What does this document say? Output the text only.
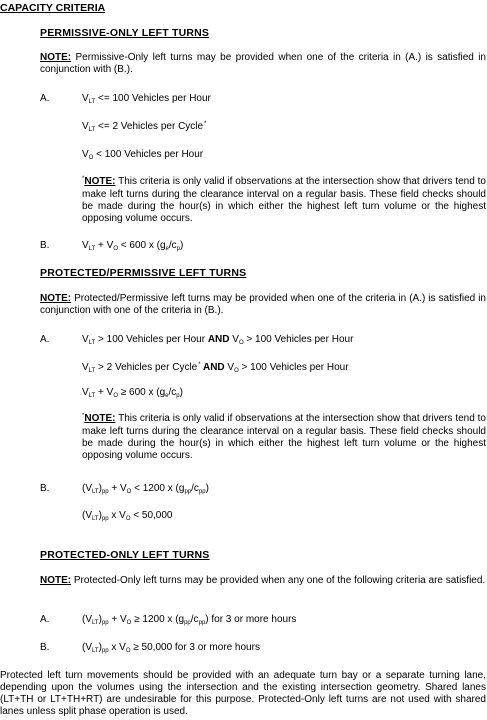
CAPACITY CRITERIA
PERMISSIVE-ONLY LEFT TURNS
NOTE: Permissive-Only left turns may be provided when one of the criteria in (A.) is satisfied in conjunction with (B.).
A.	$V_{LT} <= 100$ Vehicles per Hour
$V_{LT} <= 2$ Vehicles per Cycle*
$V_O < 100$ Vehicles per Hour
*NOTE: This criteria is only valid if observations at the intersection show that drivers tend to make left turns during the clearance interval on a regular basis. These field checks should be made during the hour(s) in which either the highest left turn volume or the highest opposing volume occurs.
B.	$V_{LT} + V_O < 600$ x $(g_e/c_p)$
PROTECTED/PERMISSIVE LEFT TURNS
NOTE: Protected/Permissive left turns may be provided when one of the criteria in (A.) is satisfied in conjunction with one of the criteria in (B.).
A.	$V_{LT} > 100$ Vehicles per Hour AND $V_O > 100$ Vehicles per Hour
$V_{LT} > 2$ Vehicles per Cycle* AND $V_O > 100$ Vehicles per Hour
$V_{LT} + V_O \ge 600$ x $(g_e/c_p)$
*NOTE: This criteria is only valid if observations at the intersection show that drivers tend to make left turns during the clearance interval on a regular basis. These field checks should be made during the hour(s) in which either the highest left turn volume or the highest opposing volume occurs.
B.	$(V_{LT})_{pp} + V_O < 1200$ x $(g_{pp}/c_{pp})$
$(V_{LT})_{pp}$ x $V_O < 50,000$
PROTECTED-ONLY LEFT TURNS
NOTE: Protected-Only left turns may be provided when any one of the following criteria are satisfied.
A.	$(V_{LT})_{pp} + V_O \ge 1200$ x $(g_{pp}/c_{pp})$ for 3 or more hours
B.	$(V_{LT})_{pp}$ x $V_O \ge 50,000$ for 3 or more hours
Protected left turn movements should be provided with an adequate turn bay or a separate turning lane, depending upon the volumes using the intersection and the existing intersection geometry. Shared lanes (LT+TH or LT+TH+RT) are undesirable for this purpose. Protected-Only left turns are not used with shared lanes unless split phase operation is used.
